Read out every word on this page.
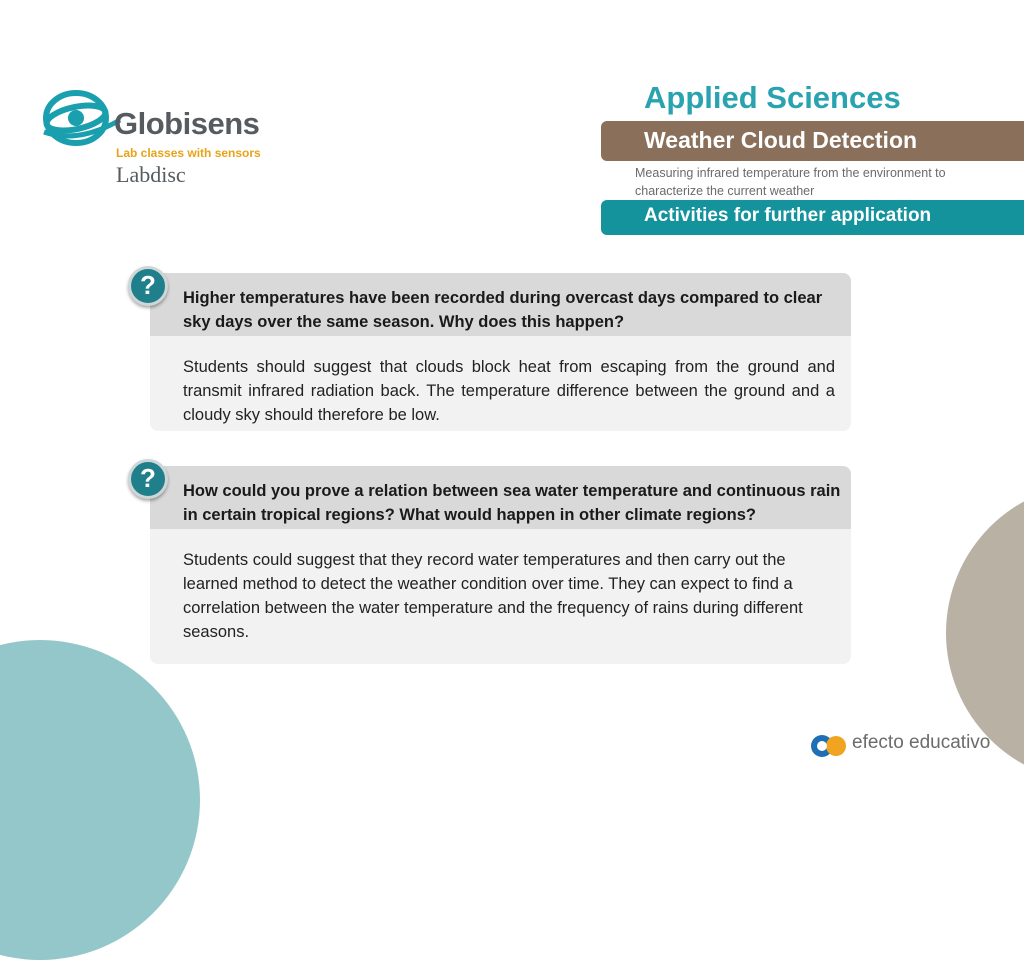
Globisens
Lab classes with sensors
Labdisc
Applied Sciences
Weather Cloud Detection
Measuring infrared temperature from the environment to characterize the current weather
Activities for further application
Higher temperatures have been recorded during overcast days compared to clear sky days over the same season. Why does this happen?
Students should suggest that clouds block heat from escaping from the ground and transmit infrared radiation back. The temperature difference between the ground and a cloudy sky should therefore be low.
?
How could you prove a relation between sea water temperature and continuous rain in certain tropical regions? What would happen in other climate regions?
Students could suggest that they record water temperatures and then carry out the learned method to detect the weather condition over time. They can expect to find a correlation between the water temperature and the frequency of rains during different seasons.
?
efecto educativo
